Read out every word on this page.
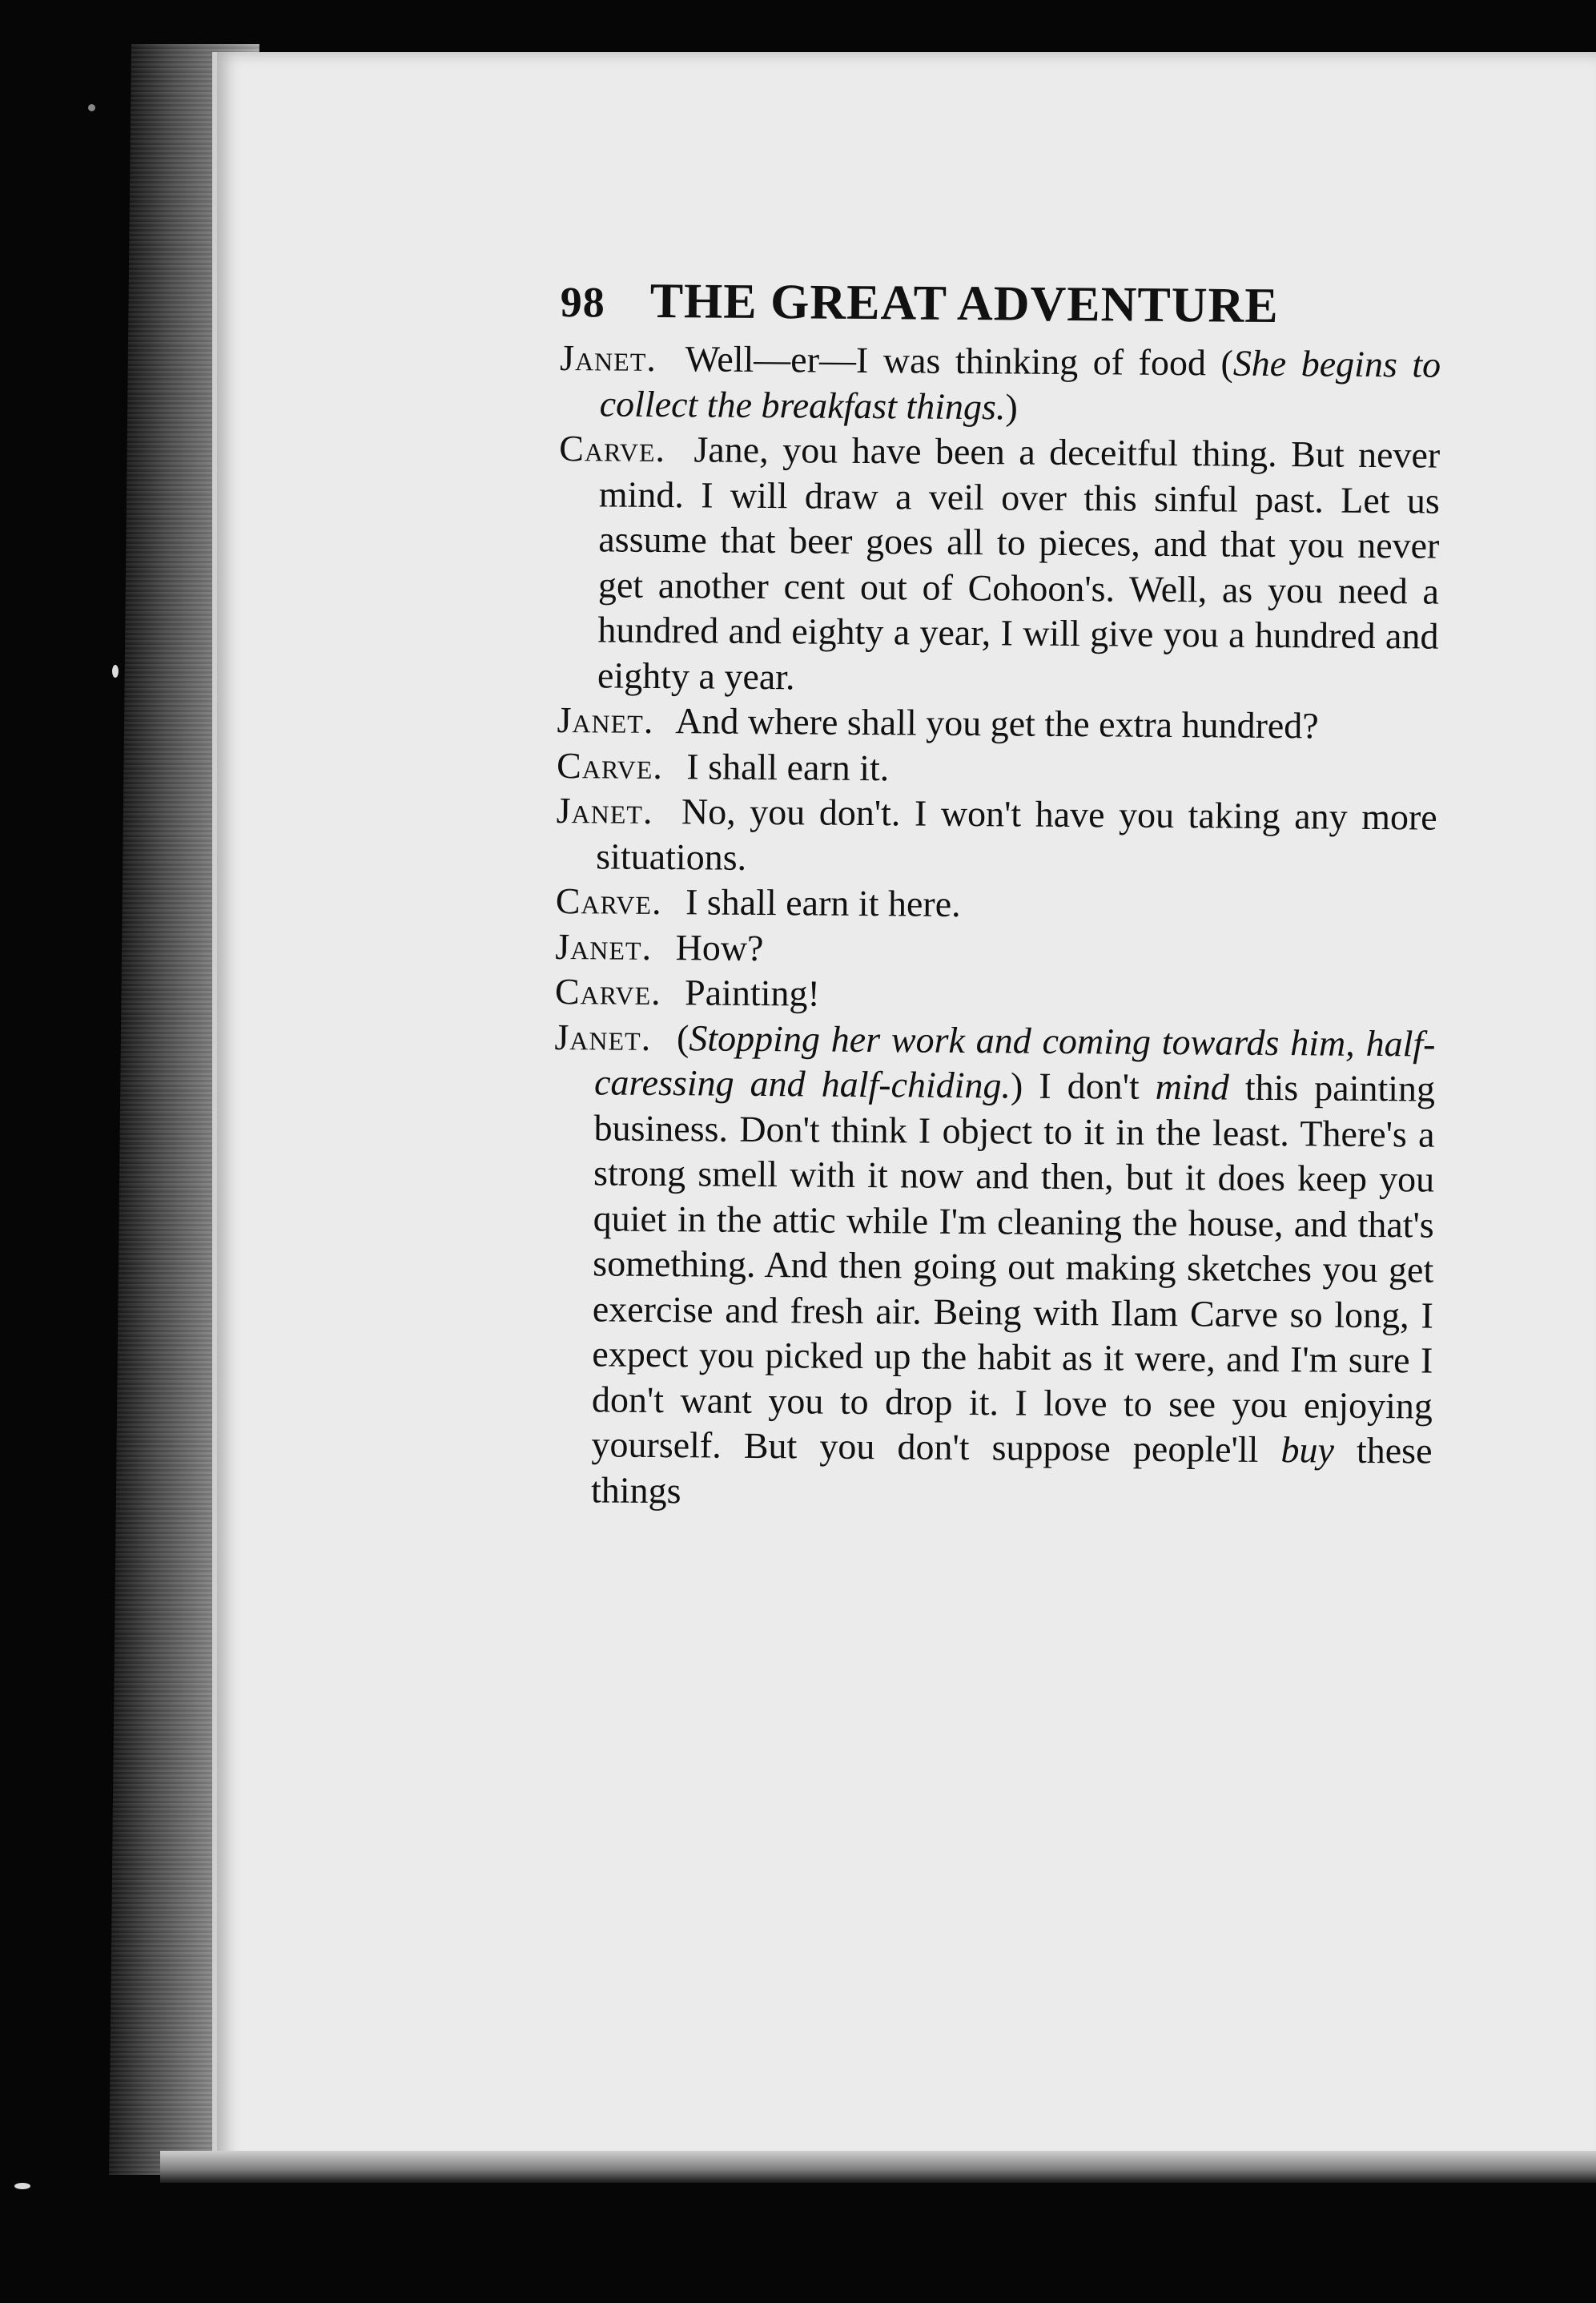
98 THE GREAT ADVENTURE

Janet. Well—er—I was thinking of food (She begins to collect the breakfast things.)

Carve. Jane, you have been a deceitful thing. But never mind. I will draw a veil over this sinful past. Let us assume that beer goes all to pieces, and that you never get another cent out of Cohoon's. Well, as you need a hundred and eighty a year, I will give you a hundred and eighty a year.

Janet. And where shall you get the extra hundred?

Carve. I shall earn it.

Janet. No, you don't. I won't have you taking any more situations.

Carve. I shall earn it here.

Janet. How?

Carve. Painting!

Janet. (Stopping her work and coming towards him, half-caressing and half-chiding.) I don't mind this painting business. Don't think I object to it in the least. There's a strong smell with it now and then, but it does keep you quiet in the attic while I'm cleaning the house, and that's something. And then going out making sketches you get exercise and fresh air. Being with Ilam Carve so long, I expect you picked up the habit as it were, and I'm sure I don't want you to drop it. I love to see you enjoying yourself. But you don't suppose people'll buy these things
